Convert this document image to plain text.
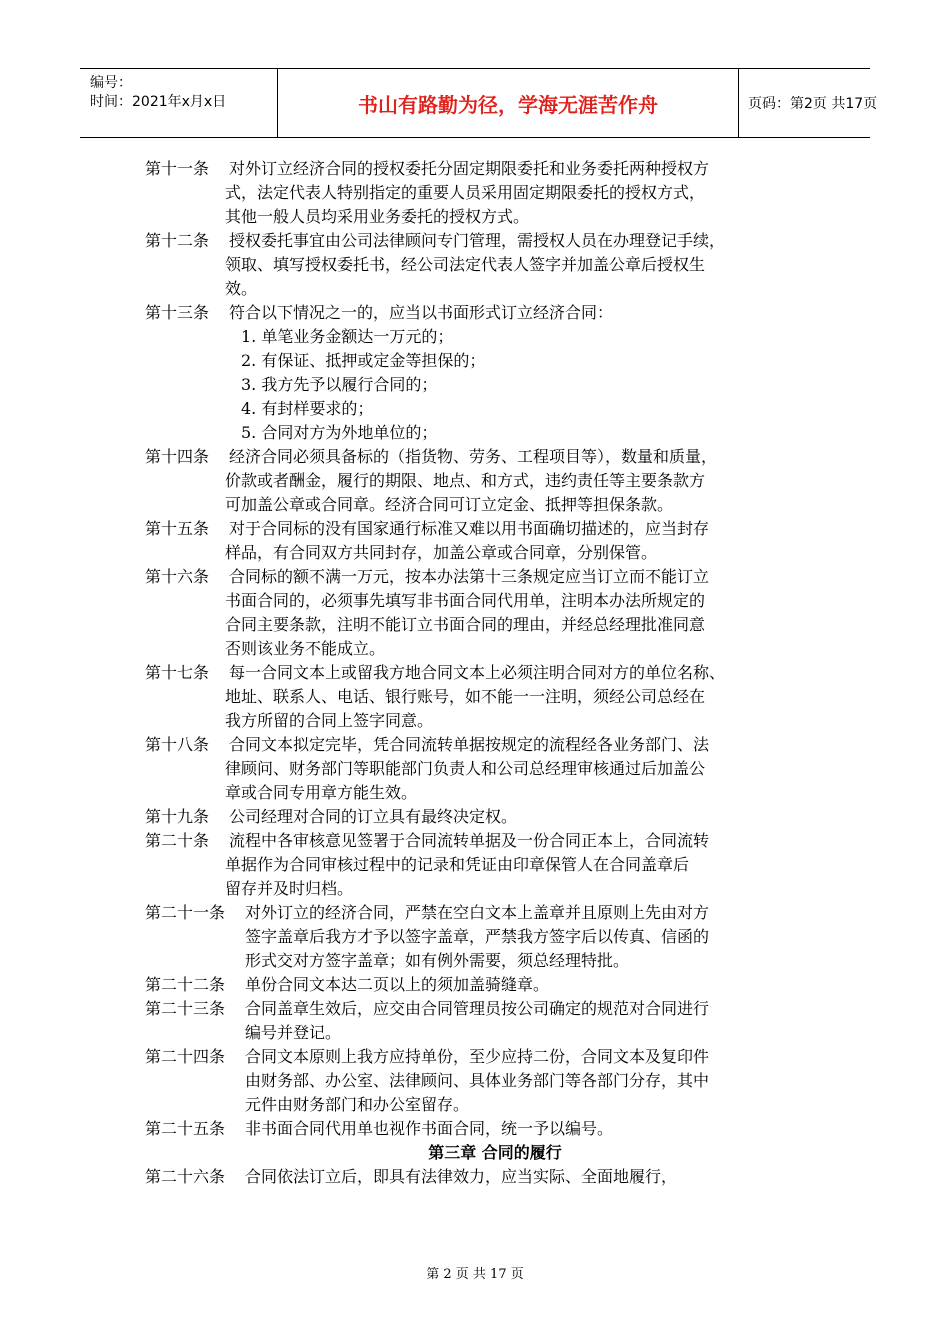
编号：
时间：2021年x月x日	书山有路勤为径，学海无涯苦作舟	页码：第2页 共17页
第十一条	对外订立经济合同的授权委托分固定期限委托和业务委托两种授权方
式，法定代表人特别指定的重要人员采用固定期限委托的授权方式，
其他一般人员均采用业务委托的授权方式。
第十二条	授权委托事宜由公司法律顾问专门管理，需授权人员在办理登记手续，
领取、填写授权委托书，经公司法定代表人签字并加盖公章后授权生
效。
第十三条	符合以下情况之一的，应当以书面形式订立经济合同：

1. 单笔业务金额达一万元的；

2. 有保证、抵押或定金等担保的；

3. 我方先予以履行合同的；

4. 有封样要求的；

5. 合同对方为外地单位的；

第十四条	经济合同必须具备标的（指货物、劳务、工程项目等），数量和质量，
价款或者酬金，履行的期限、地点、和方式，违约责任等主要条款方
可加盖公章或合同章。经济合同可订立定金、抵押等担保条款。
第十五条	对于合同标的没有国家通行标准又难以用书面确切描述的，应当封存
样品，有合同双方共同封存，加盖公章或合同章，分别保管。
第十六条	合同标的额不满一万元，按本办法第十三条规定应当订立而不能订立
书面合同的，必须事先填写非书面合同代用单，注明本办法所规定的
合同主要条款，注明不能订立书面合同的理由，并经总经理批准同意
否则该业务不能成立。
第十七条	每一合同文本上或留我方地合同文本上必须注明合同对方的单位名称、
地址、联系人、电话、银行账号，如不能一一注明，须经公司总经在
我方所留的合同上签字同意。
第十八条	合同文本拟定完毕，凭合同流转单据按规定的流程经各业务部门、法
律顾问、财务部门等职能部门负责人和公司总经理审核通过后加盖公
章或合同专用章方能生效。
第十九条	公司经理对合同的订立具有最终决定权。
第二十条	流程中各审核意见签署于合同流转单据及一份合同正本上，合同流转
单据作为合同审核过程中的记录和凭证由印章保管人在合同盖章后
留存并及时归档。
第二十一条	对外订立的经济合同，严禁在空白文本上盖章并且原则上先由对方
签字盖章后我方才予以签字盖章，严禁我方签字后以传真、信函的
形式交对方签字盖章；如有例外需要，须总经理特批。
第二十二条	单份合同文本达二页以上的须加盖骑缝章。
第二十三条	合同盖章生效后，应交由合同管理员按公司确定的规范对合同进行
编号并登记。
第二十四条	合同文本原则上我方应持单份，至少应持二份，合同文本及复印件
由财务部、办公室、法律顾问、具体业务部门等各部门分存，其中
元件由财务部门和办公室留存。
第二十五条	非书面合同代用单也视作书面合同，统一予以编号。

第三章 合同的履行

第二十六条	合同依法订立后，即具有法律效力，应当实际、全面地履行，
第 2 页 共 17 页
